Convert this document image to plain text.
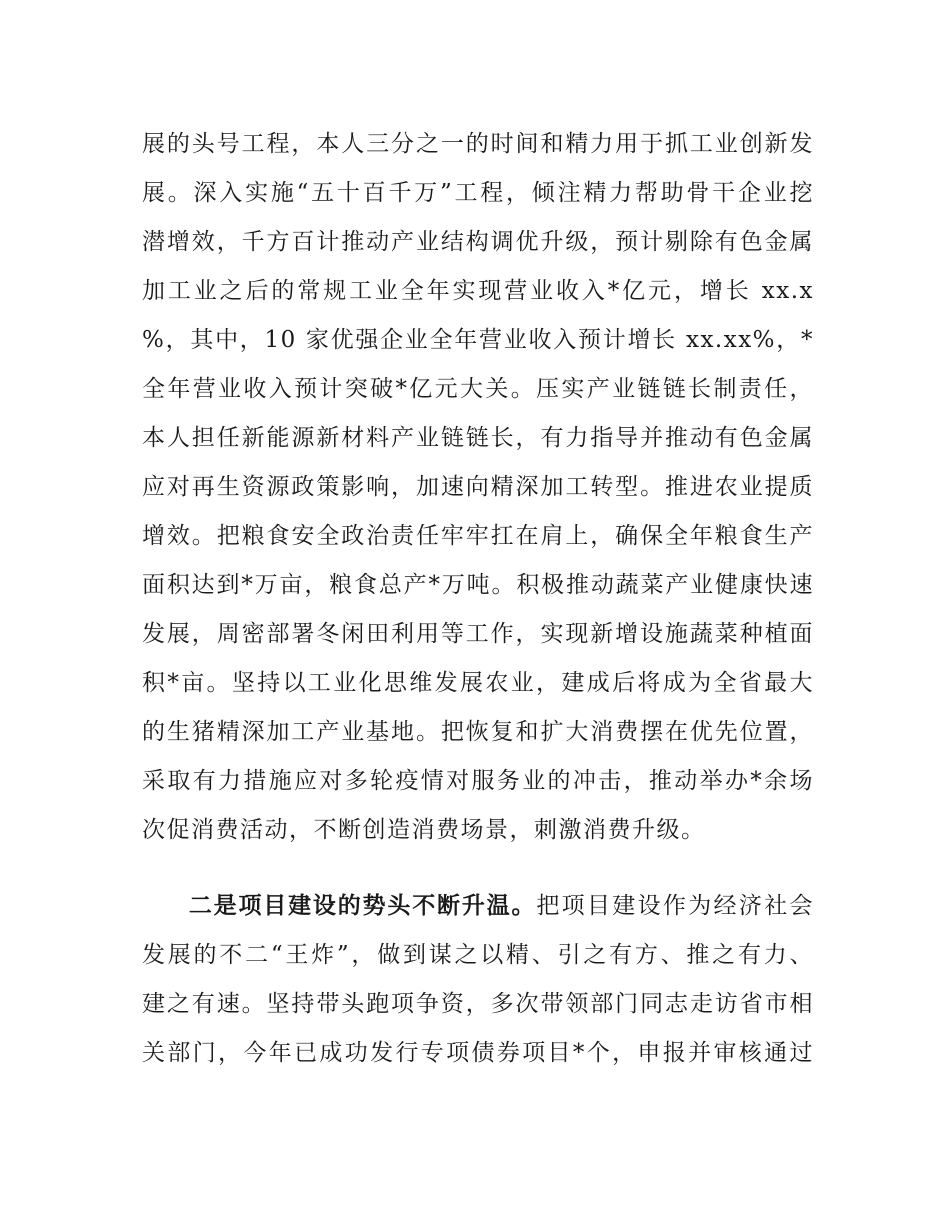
展的头号工程，本人三分之一的时间和精力用于抓工业创新发
展。深入实施“五十百千万”工程，倾注精力帮助骨干企业挖
潜增效，千方百计推动产业结构调优升级，预计剔除有色金属
加工业之后的常规工业全年实现营业收入*亿元，增长 xx.x
%，其中，10 家优强企业全年营业收入预计增长 xx.xx%，*
全年营业收入预计突破*亿元大关。压实产业链链长制责任，
本人担任新能源新材料产业链链长，有力指导并推动有色金属
应对再生资源政策影响，加速向精深加工转型。推进农业提质
增效。把粮食安全政治责任牢牢扛在肩上，确保全年粮食生产
面积达到*万亩，粮食总产*万吨。积极推动蔬菜产业健康快速
发展，周密部署冬闲田利用等工作，实现新增设施蔬菜种植面
积*亩。坚持以工业化思维发展农业，建成后将成为全省最大
的生猪精深加工产业基地。把恢复和扩大消费摆在优先位置，
采取有力措施应对多轮疫情对服务业的冲击，推动举办*余场
次促消费活动，不断创造消费场景，刺激消费升级。
二是项目建设的势头不断升温。把项目建设作为经济社会
发展的不二“王炸”，做到谋之以精、引之有方、推之有力、
建之有速。坚持带头跑项争资，多次带领部门同志走访省市相
关部门，今年已成功发行专项债券项目*个，申报并审核通过
